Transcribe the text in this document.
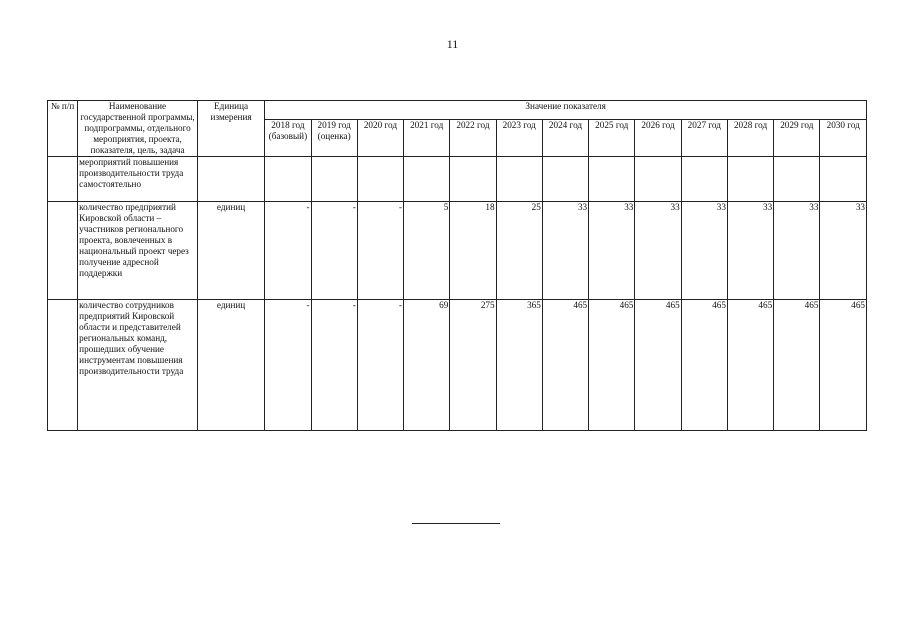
11
№ п/п	Наименование государственной программы, подпрограммы, отдельного мероприятия, проекта, показателя, цель, задача	Единица измерения	Значение показателя												
			2018 год (базовый)	2019 год (оценка)	2020 год	2021 год	2022 год	2023 год	2024 год	2025 год	2026 год	2027 год	2028 год	2029 год	2030 год
	мероприятий повышения производительности труда самостоятельно														
	количество предприятий Кировской области – участников регионального проекта, вовлеченных в национальный проект через получение адресной поддержки	единиц	-	-	-	5	18	25	33	33	33	33	33	33	33
	количество сотрудников предприятий Кировской области и представителей региональных команд, прошедших обучение инструментам повышения производительности труда	единиц	-	-	-	69	275	365	465	465	465	465	465	465	465
